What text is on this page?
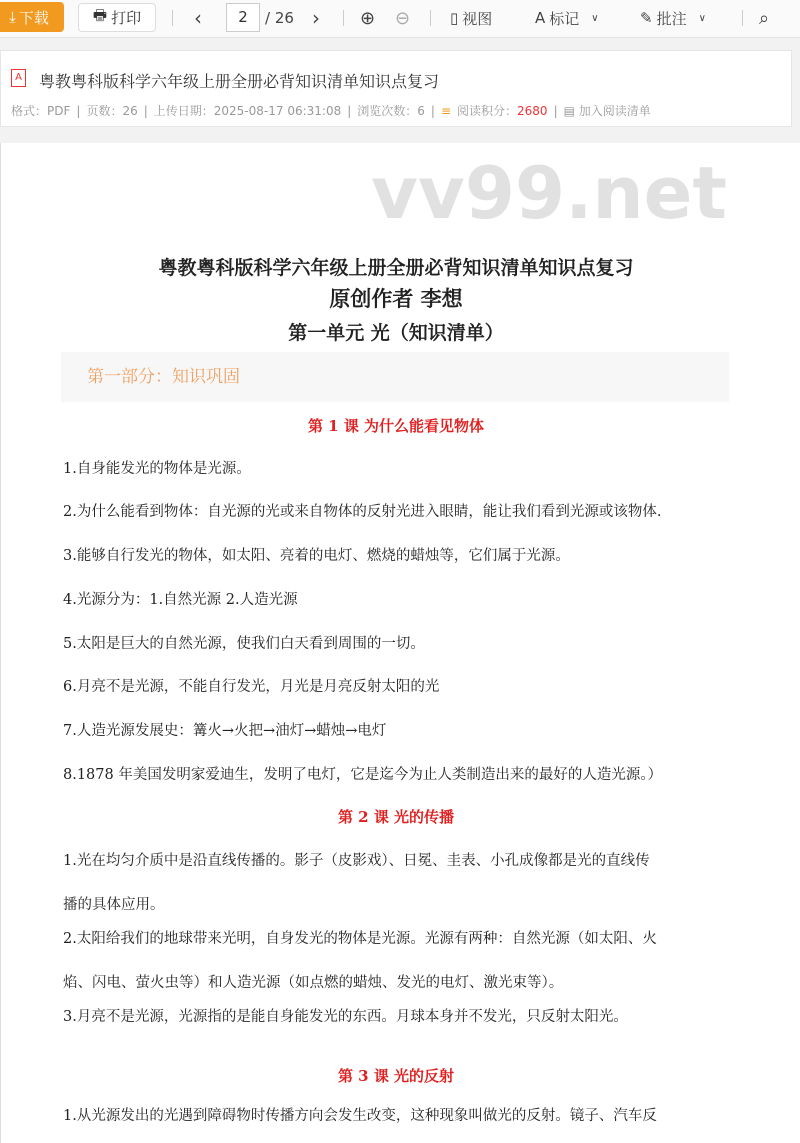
⤓ 下载	🖶 打印	‹	2	/ 26 › ⊕ ⊖	▯ 视图	A 标记 ∨	✎ 批注 ∨	⌕
A 粤教粤科版科学六年级上册全册必背知识清单知识点复习
格式：PDF | 页数：26 | 上传日期：2025-08-17 06:31:08 | 浏览次数：6 | ≡ 阅读积分：2680 | ▤ 加入阅读清单
vv99.net
粤教粤科版科学六年级上册全册必背知识清单知识点复习
原创作者 李想
第一单元 光（知识清单）
第一部分：知识巩固
第 1 课 为什么能看见物体
1.自身能发光的物体是光源。
2.为什么能看到物体：自光源的光或来自物体的反射光进入眼睛，能让我们看到光源或该物体.
3.能够自行发光的物体，如太阳、亮着的电灯、燃烧的蜡烛等，它们属于光源。
4.光源分为：1.自然光源 2.人造光源
5.太阳是巨大的自然光源，使我们白天看到周围的一切。
6.月亮不是光源，不能自行发光，月光是月亮反射太阳的光
7.人造光源发展史：篝火→火把→油灯→蜡烛→电灯
8.1878 年美国发明家爱迪生，发明了电灯，它是迄今为止人类制造出来的最好的人造光源。）
第 2 课 光的传播
1.光在均匀介质中是沿直线传播的。影子（皮影戏）、日冕、圭表、小孔成像都是光的直线传
播的具体应用。
2.太阳给我们的地球带来光明，自身发光的物体是光源。光源有两种：自然光源（如太阳、火
焰、闪电、萤火虫等）和人造光源（如点燃的蜡烛、发光的电灯、激光束等）。
3.月亮不是光源，光源指的是能自身能发光的东西。月球本身并不发光，只反射太阳光。
第 3 课 光的反射
1.从光源发出的光遇到障碍物时传播方向会发生改变，这种现象叫做光的反射。镜子、汽车反
